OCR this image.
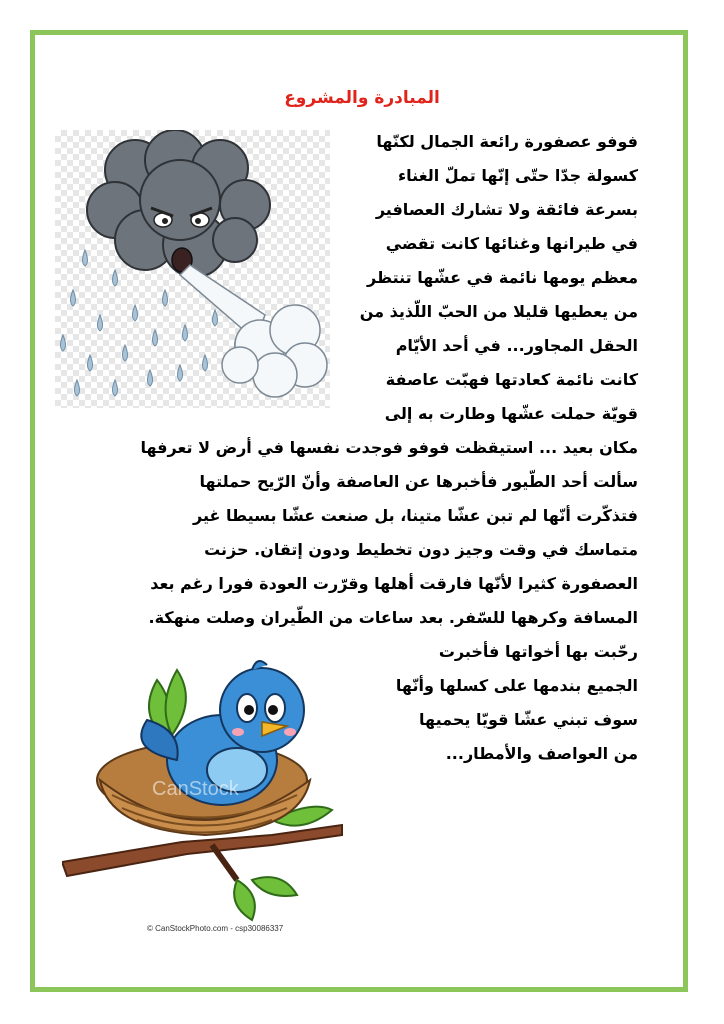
المبادرة والمشروع
فوفو عصفورة رائعة الجمال لكنّها
كسولة جدّا حتّى إنّها تملّ الغناء
بسرعة فائقة ولا تشارك العصافير
في طيرانها وغنائها كانت تقضي
معظم يومها نائمة في عشّها تنتظر
من يعطيها قليلا من الحبّ اللّذيذ من
الحقل المجاور... في أحد الأيّام
كانت نائمة كعادتها فهبّت عاصفة
قويّة حملت عشّها وطارت به إلى
مكان بعيد ... استيقظت فوفو فوجدت نفسها في أرض لا تعرفها
سألت أحد الطّيور فأخبرها عن العاصفة وأنّ الرّيح حملتها
فتذكّرت أنّها لم تبن عشّا متينا، بل صنعت عشّا بسيطا غير
متماسك في وقت وجيز دون تخطيط ودون إتقان. حزنت
العصفورة كثيرا لأنّها فارقت أهلها وقرّرت العودة فورا رغم بعد
المسافة وكرهها للسّفر. بعد ساعات من الطّيران وصلت منهكة.
رحّبت بها أخواتها فأخبرت
الجميع بندمها على كسلها وأنّها
سوف تبني عشّا قويّا يحميها
من العواصف والأمطار...
CanStock
© CanStockPhoto.com - csp30086337
